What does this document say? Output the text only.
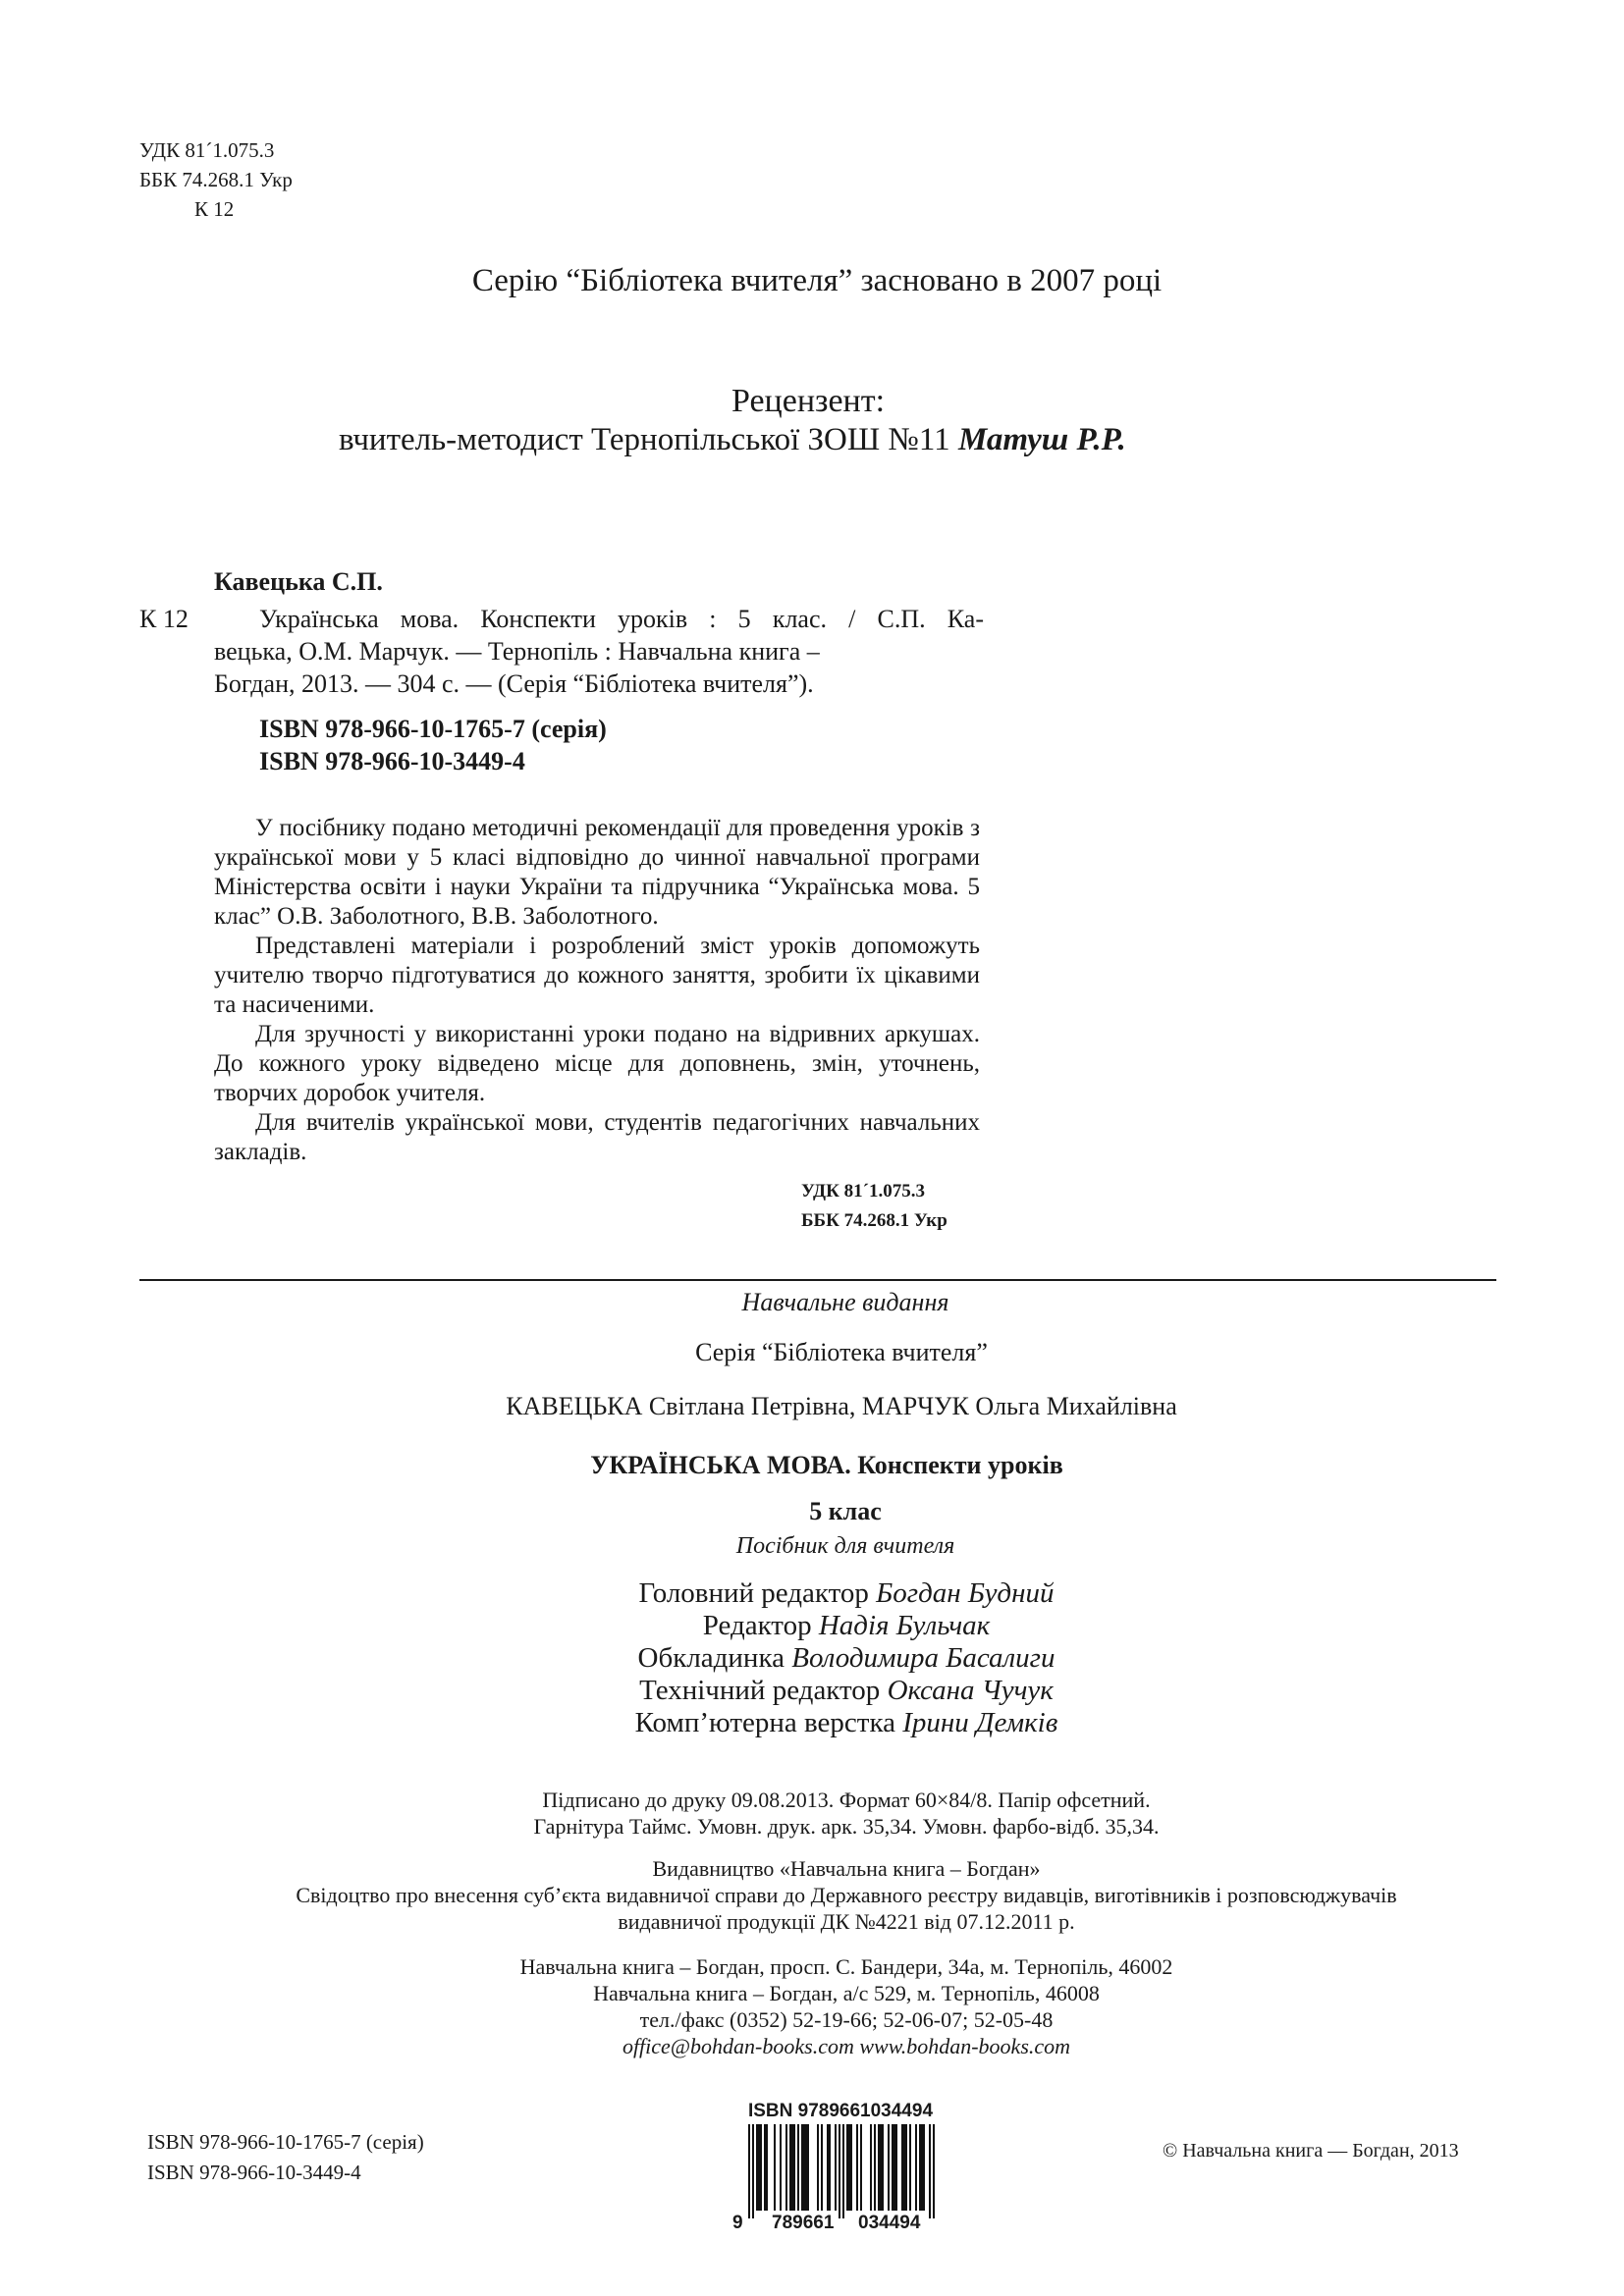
УДК 81´1.075.3
ББК 74.268.1 Укр
К 12
Серію “Бібліотека вчителя” засновано в 2007 році
Рецензент:
вчитель-методист Тернопільської ЗОШ №11 Матуш Р.Р.
Кавецька С.П.
К 12	Українська мова. Конспекти уроків : 5 клас. / С.П. Ка-
вецька, О.М. Марчук. — Тернопіль : Навчальна книга –
Богдан, 2013. — 304 с. — (Серія “Бібліотека вчителя”).
ISBN 978-966-10-1765-7 (серія)
ISBN 978-966-10-3449-4

У посібнику подано методичні рекомендації для проведення уроків з української мови у 5 класі відповідно до чинної навчальної програми Міністерства освіти і науки України та підручника “Українська мова. 5 клас” О.В. Заболотного, В.В. Заболотного.

Представлені матеріали і розроблений зміст уроків допоможуть учителю творчо підготуватися до кожного заняття, зробити їх цікавими та насиченими.

Для зручності у використанні уроки подано на відривних аркушах. До кожного уроку відведено місце для доповнень, змін, уточнень, творчих доробок учителя.

Для вчителів української мови, студентів педагогічних навчальних закладів.

УДК 81´1.075.3
ББК 74.268.1 Укр
Навчальне видання
Серія “Бібліотека вчителя”
КАВЕЦЬКА Світлана Петрівна, МАРЧУК Ольга Михайлівна
УКРАЇНСЬКА МОВА. Конспекти уроків
5 клас
Посібник для вчителя
Головний редактор Богдан Будний
Редактор Надія Бульчак
Обкладинка Володимира Басалиги
Технічний редактор Оксана Чучук
Комп’ютерна верстка Ірини Демків
Підписано до друку 09.08.2013. Формат 60×84/8. Папір офсетний.
Гарнітура Таймс. Умовн. друк. арк. 35,34. Умовн. фарбо-відб. 35,34.
Видавництво «Навчальна книга – Богдан»
Свідоцтво про внесення суб’єкта видавничої справи до Державного реєстру видавців, виготівників і розповсюджувачів
видавничої продукції ДК №4221 від 07.12.2011 р.
Навчальна книга – Богдан, просп. С. Бандери, 34а, м. Тернопіль, 46002
Навчальна книга – Богдан, а/с 529, м. Тернопіль, 46008
тел./факс (0352) 52-19-66; 52-06-07; 52-05-48
office@bohdan-books.com www.bohdan-books.com
ISBN 978-966-10-1765-7 (серія)
ISBN 978-966-10-3449-4
© Навчальна книга — Богдан, 2013
ISBN 9789661034494
9 789661 034494
